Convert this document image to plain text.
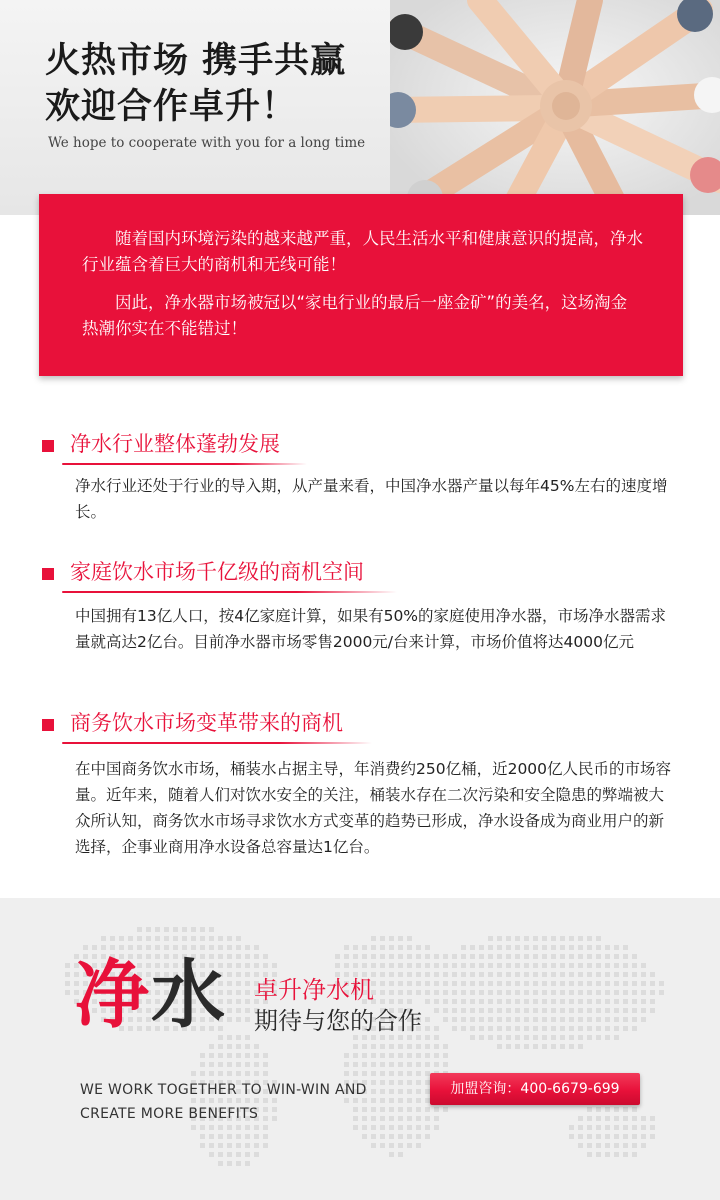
火热市场 携手共赢
欢迎合作卓升！

We hope to cooperate with you for a long time

随着国内环境污染的越来越严重，人民生活水平和健康意识的提高，净水行业蕴含着巨大的商机和无线可能！

因此，净水器市场被冠以“家电行业的最后一座金矿”的美名，这场淘金热潮你实在不能错过！

净水行业整体蓬勃发展

净水行业还处于行业的导入期，从产量来看，中国净水器产量以每年45%左右的速度增长。

家庭饮水市场千亿级的商机空间

中国拥有13亿人口，按4亿家庭计算，如果有50%的家庭使用净水器，市场净水器需求量就高达2亿台。目前净水器市场零售2000元/台来计算，市场价值将达4000亿元

商务饮水市场变革带来的商机

在中国商务饮水市场，桶装水占据主导，年消费约250亿桶，近2000亿人民币的市场容量。近年来，随着人们对饮水安全的关注，桶装水存在二次污染和安全隐患的弊端被大众所认知，商务饮水市场寻求饮水方式变革的趋势已形成，净水设备成为商业用户的新选择，企事业商用净水设备总容量达1亿台。

净水 卓升净水机

期待与您的合作

WE WORK TOGETHER TO WIN-WIN AND
CREATE MORE BENEFITS

加盟咨询：400-6679-699
